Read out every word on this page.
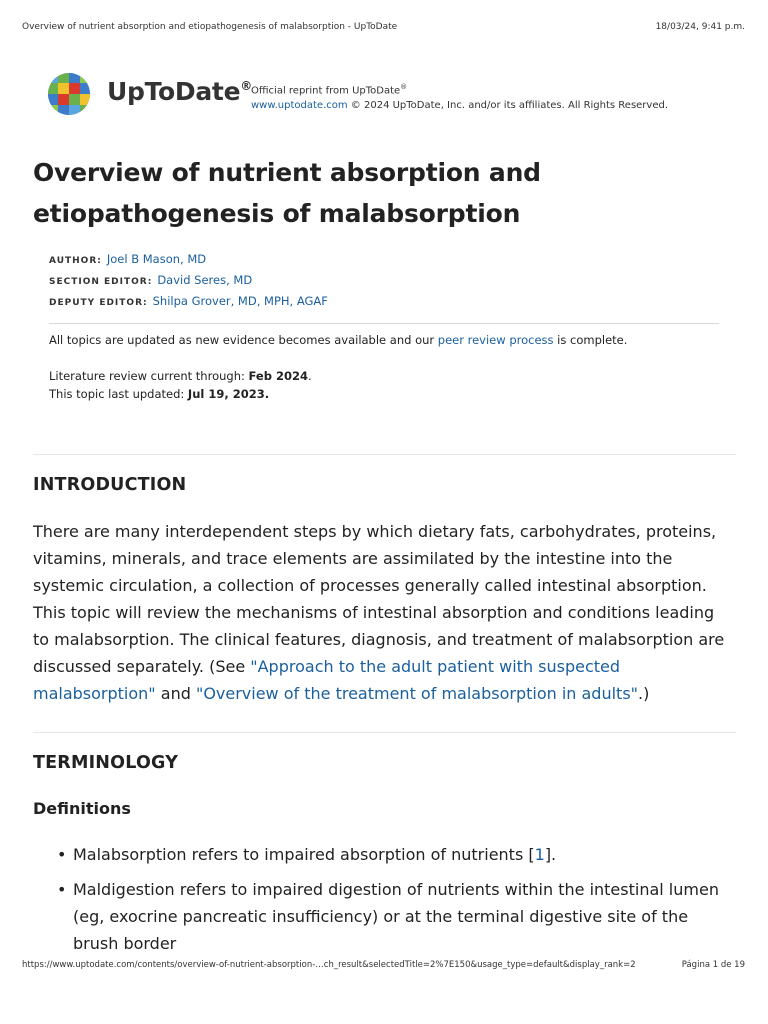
Overview of nutrient absorption and etiopathogenesis of malabsorption - UpToDate	18/03/24, 9:41 p.m.
UpToDate® Official reprint from UpToDate®
www.uptodate.com © 2024 UpToDate, Inc. and/or its affiliates. All Rights Reserved.
Overview of nutrient absorption and etiopathogenesis of malabsorption
AUTHOR: Joel B Mason, MD
SECTION EDITOR: David Seres, MD
DEPUTY EDITOR: Shilpa Grover, MD, MPH, AGAF
All topics are updated as new evidence becomes available and our peer review process is complete.
Literature review current through: Feb 2024.
This topic last updated: Jul 19, 2023.
INTRODUCTION

There are many interdependent steps by which dietary fats, carbohydrates, proteins, vitamins, minerals, and trace elements are assimilated by the intestine into the systemic circulation, a collection of processes generally called intestinal absorption. This topic will review the mechanisms of intestinal absorption and conditions leading to malabsorption. The clinical features, diagnosis, and treatment of malabsorption are discussed separately. (See "Approach to the adult patient with suspected malabsorption" and "Overview of the treatment of malabsorption in adults".)

TERMINOLOGY
Definitions
• Malabsorption refers to impaired absorption of nutrients [1].
• Maldigestion refers to impaired digestion of nutrients within the intestinal lumen (eg, exocrine pancreatic insufficiency) or at the terminal digestive site of the brush border
https://www.uptodate.com/contents/overview-of-nutrient-absorption-…ch_result&selectedTitle=2%7E150&usage_type=default&display_rank=2	Página 1 de 19
